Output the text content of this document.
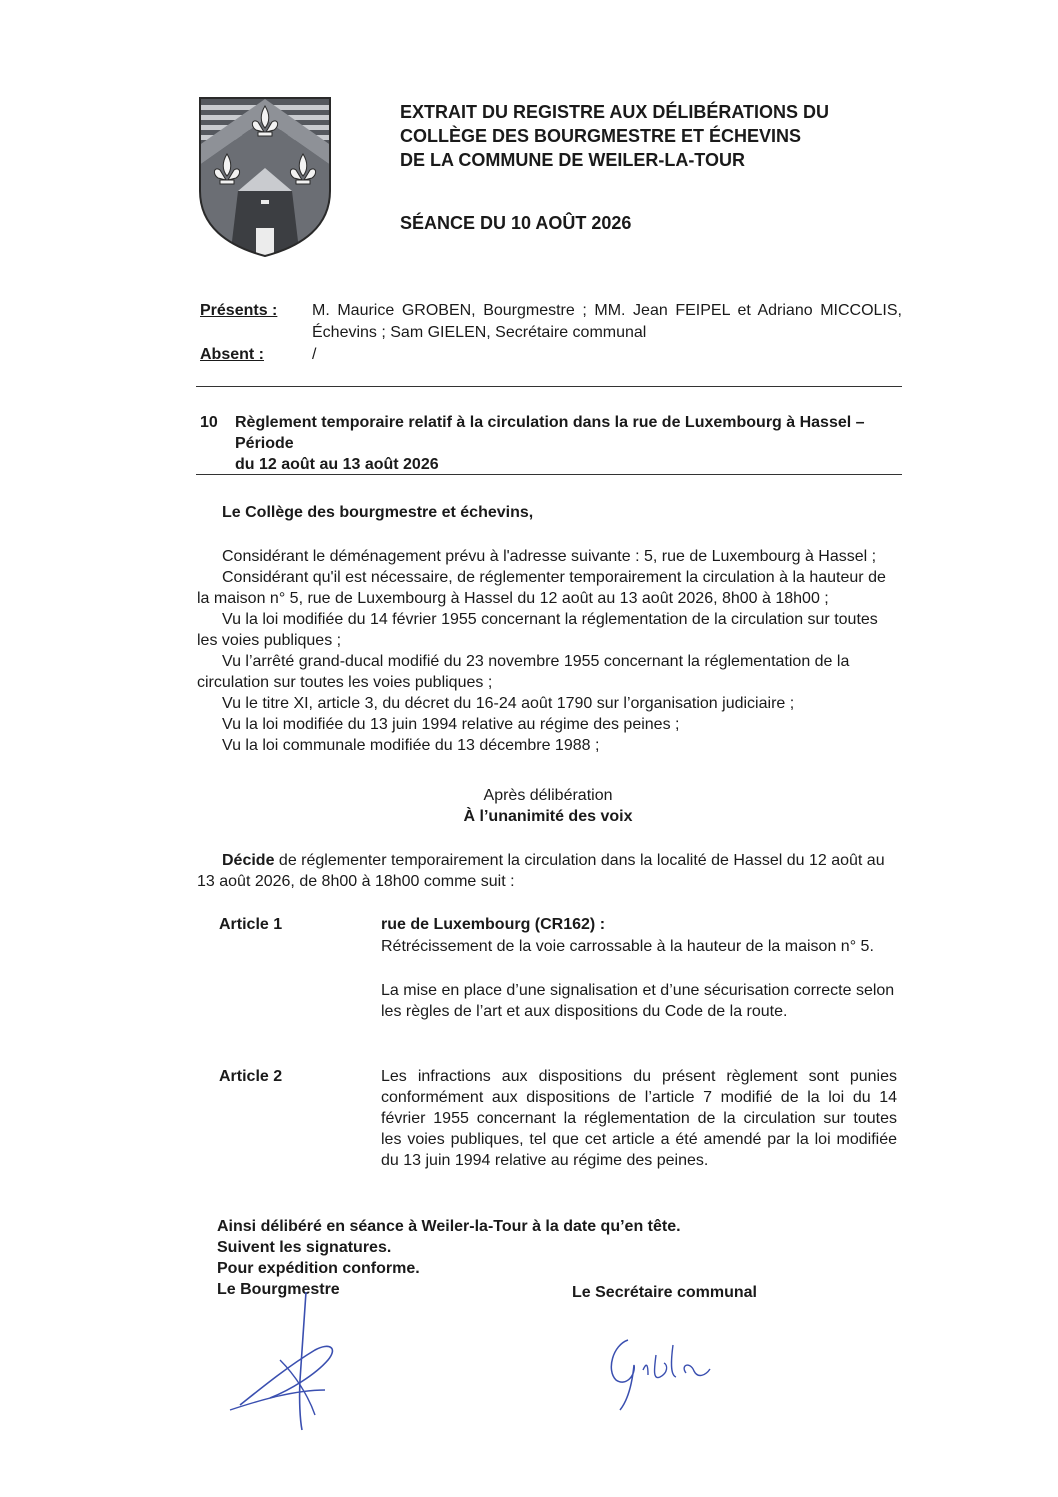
EXTRAIT DU REGISTRE AUX DÉLIBÉRATIONS DU
COLLÈGE DES BOURGMESTRE ET ÉCHEVINS
DE LA COMMUNE DE WEILER-LA-TOUR
SÉANCE DU 10 AOÛT 2026
Présents : M. Maurice GROBEN, Bourgmestre ; MM. Jean FEIPEL et Adriano MICCOLIS,
Échevins ; Sam GIELEN, Secrétaire communal
Absent :	/
10 Règlement temporaire relatif à la circulation dans la rue de Luxembourg à Hassel – Période
du 12 août au 13 août 2026
Le Collège des bourgmestre et échevins,
Considérant le déménagement prévu à l'adresse suivante : 5, rue de Luxembourg à Hassel ;
Considérant qu'il est nécessaire, de réglementer temporairement la circulation à la hauteur de
la maison n° 5, rue de Luxembourg à Hassel du 12 août au 13 août 2026, 8h00 à 18h00 ;
Vu la loi modifiée du 14 février 1955 concernant la réglementation de la circulation sur toutes
les voies publiques ;
Vu l’arrêté grand-ducal modifié du 23 novembre 1955 concernant la réglementation de la
circulation sur toutes les voies publiques ;
Vu le titre XI, article 3, du décret du 16-24 août 1790 sur l’organisation judiciaire ;
Vu la loi modifiée du 13 juin 1994 relative au régime des peines ;
Vu la loi communale modifiée du 13 décembre 1988 ;
Après délibération
À l’unanimité des voix
Décide de réglementer temporairement la circulation dans la localité de Hassel du 12 août au
13 août 2026, de 8h00 à 18h00 comme suit :
Article 1	rue de Luxembourg (CR162) :
Rétrécissement de la voie carrossable à la hauteur de la maison n° 5.
La mise en place d’une signalisation et d’une sécurisation correcte selon
les règles de l’art et aux dispositions du Code de la route.
Article 2	Les infractions aux dispositions du présent règlement sont punies
conformément aux dispositions de l’article 7 modifié de la loi du 14
février 1955 concernant la réglementation de la circulation sur toutes
les voies publiques, tel que cet article a été amendé par la loi modifiée
du 13 juin 1994 relative au régime des peines.
Ainsi délibéré en séance à Weiler-la-Tour à la date qu’en tête.
Suivent les signatures.
Pour expédition conforme.
Le Bourgmestre	Le Secrétaire communal
